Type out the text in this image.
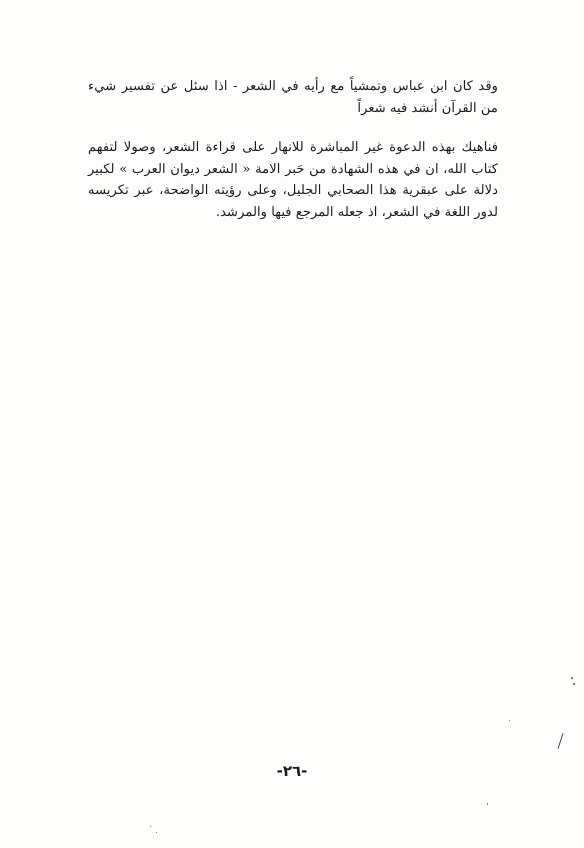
وقد كان ابن عباس وتمشياً مع رأيه في الشعر - اذا سئل عن تفسير شيء من القرآن أنشد فيه شعراً

فناهيك بهذه الدعوة غير المباشرة للانهار على قراءة الشعر، وصولا لتفهم كتاب الله، ان في هذه الشهادة من حَبر الامة « الشعر ديوان العرب » لكبير دلالة على عبقرية هذا الصحابي الجليل، وعلى رؤيته الواضحة، عبر تكريسه لدور اللغة في الشعر، اذ جعله المرجع فيها والمرشد.

-٢٦-
